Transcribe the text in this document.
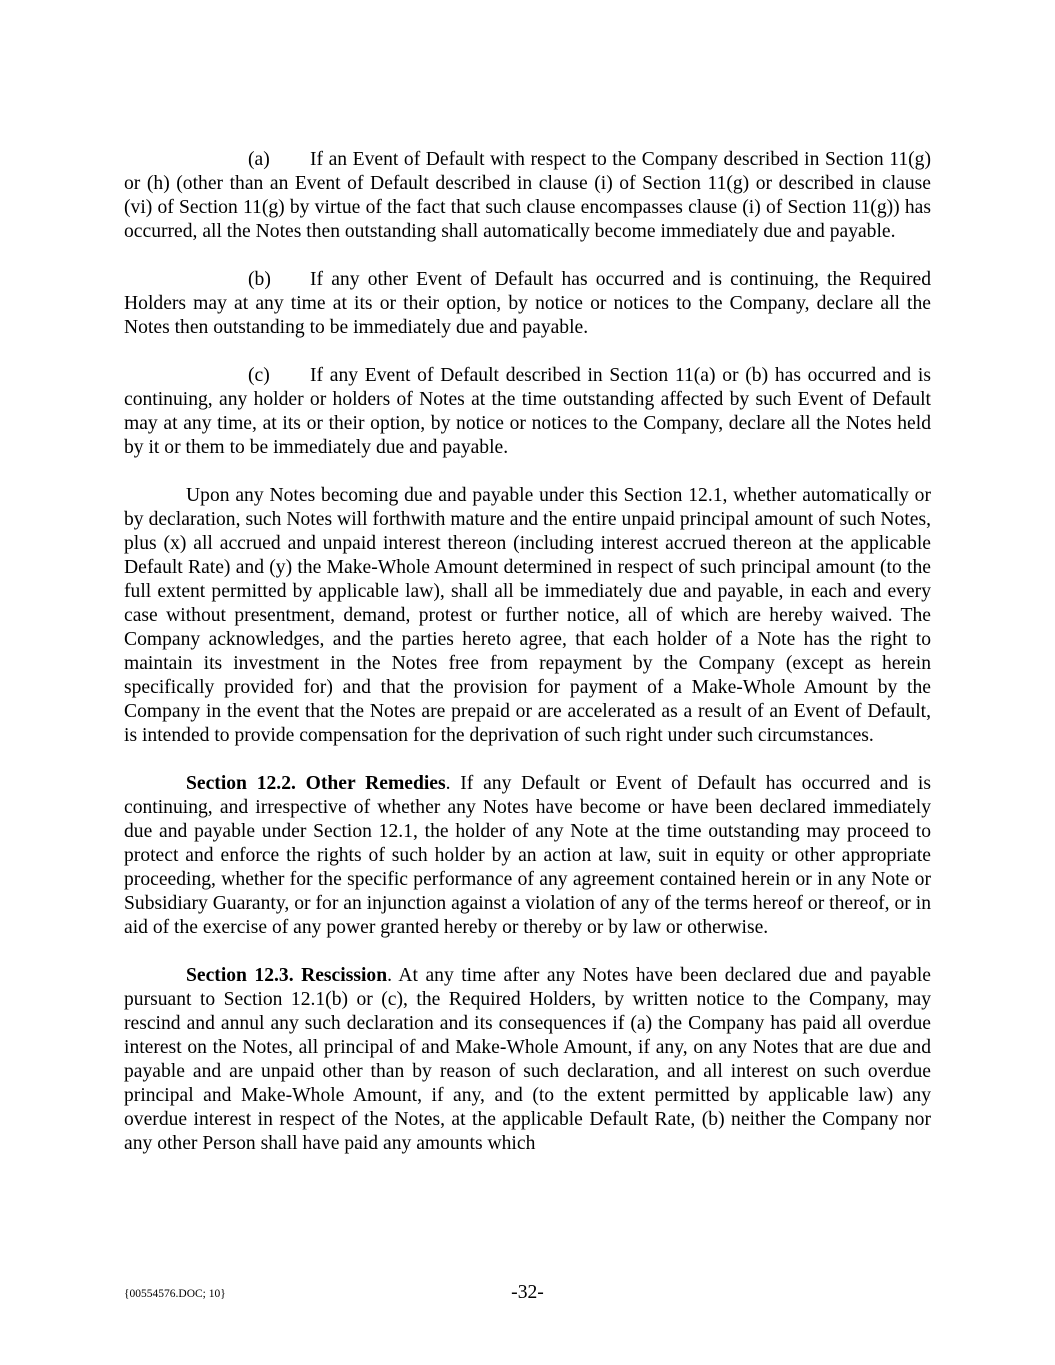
(a) If an Event of Default with respect to the Company described in Section 11(g) or (h) (other than an Event of Default described in clause (i) of Section 11(g) or described in clause (vi) of Section 11(g) by virtue of the fact that such clause encompasses clause (i) of Section 11(g)) has occurred, all the Notes then outstanding shall automatically become immediately due and payable.

(b) If any other Event of Default has occurred and is continuing, the Required Holders may at any time at its or their option, by notice or notices to the Company, declare all the Notes then outstanding to be immediately due and payable.

(c) If any Event of Default described in Section 11(a) or (b) has occurred and is continuing, any holder or holders of Notes at the time outstanding affected by such Event of Default may at any time, at its or their option, by notice or notices to the Company, declare all the Notes held by it or them to be immediately due and payable.

Upon any Notes becoming due and payable under this Section 12.1, whether automatically or by declaration, such Notes will forthwith mature and the entire unpaid principal amount of such Notes, plus (x) all accrued and unpaid interest thereon (including interest accrued thereon at the applicable Default Rate) and (y) the Make-Whole Amount determined in respect of such principal amount (to the full extent permitted by applicable law), shall all be immediately due and payable, in each and every case without presentment, demand, protest or further notice, all of which are hereby waived. The Company acknowledges, and the parties hereto agree, that each holder of a Note has the right to maintain its investment in the Notes free from repayment by the Company (except as herein specifically provided for) and that the provision for payment of a Make-Whole Amount by the Company in the event that the Notes are prepaid or are accelerated as a result of an Event of Default, is intended to provide compensation for the deprivation of such right under such circumstances.

Section 12.2. Other Remedies. If any Default or Event of Default has occurred and is continuing, and irrespective of whether any Notes have become or have been declared immediately due and payable under Section 12.1, the holder of any Note at the time outstanding may proceed to protect and enforce the rights of such holder by an action at law, suit in equity or other appropriate proceeding, whether for the specific performance of any agreement contained herein or in any Note or Subsidiary Guaranty, or for an injunction against a violation of any of the terms hereof or thereof, or in aid of the exercise of any power granted hereby or thereby or by law or otherwise.

Section 12.3. Rescission. At any time after any Notes have been declared due and payable pursuant to Section 12.1(b) or (c), the Required Holders, by written notice to the Company, may rescind and annul any such declaration and its consequences if (a) the Company has paid all overdue interest on the Notes, all principal of and Make-Whole Amount, if any, on any Notes that are due and payable and are unpaid other than by reason of such declaration, and all interest on such overdue principal and Make-Whole Amount, if any, and (to the extent permitted by applicable law) any overdue interest in respect of the Notes, at the applicable Default Rate, (b) neither the Company nor any other Person shall have paid any amounts which

{00554576.DOC; 10}	-32-
